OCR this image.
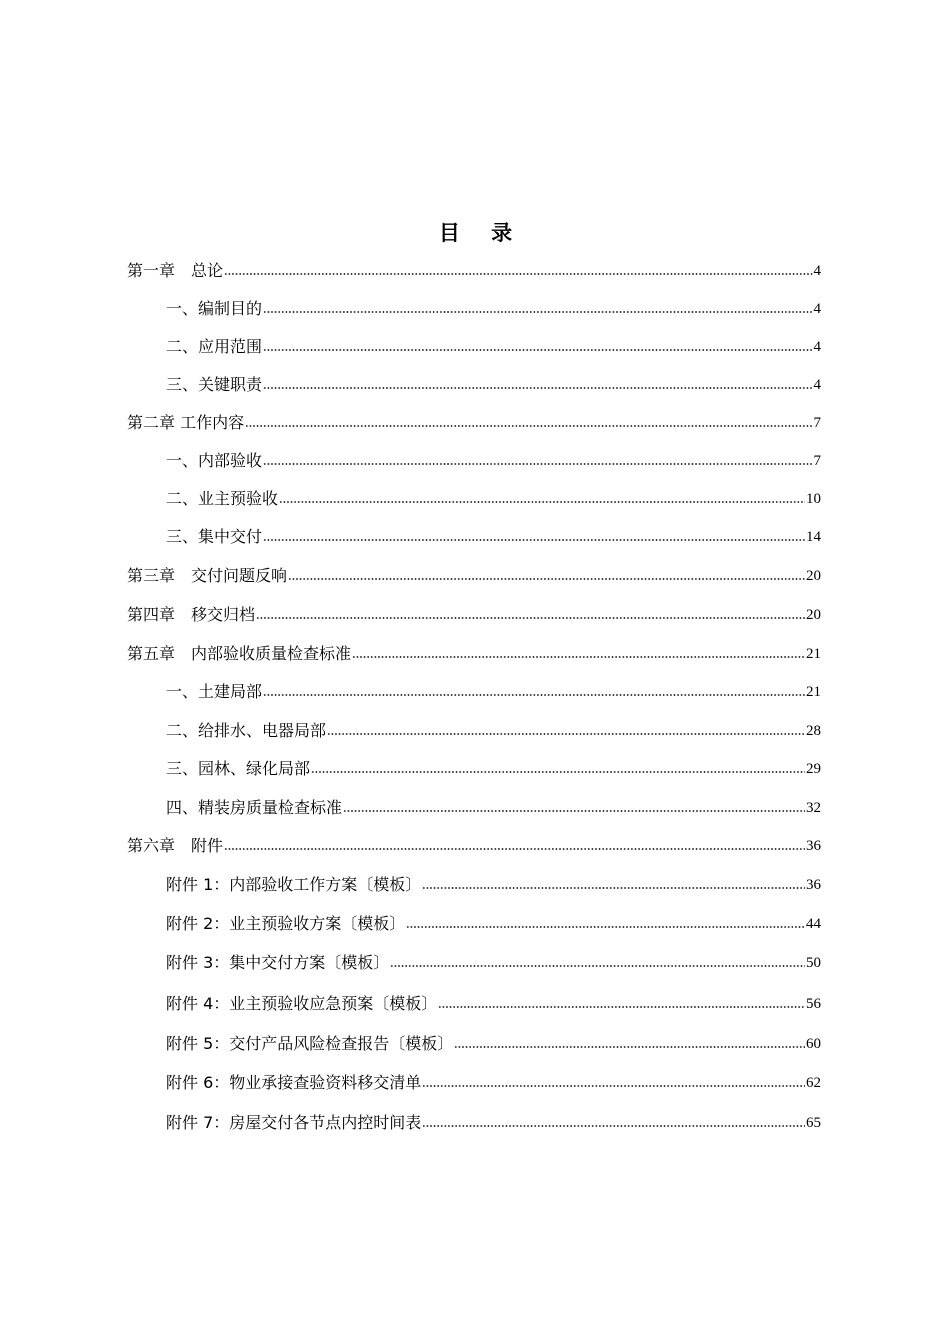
目 录
第一章　总论	4
一、编制目的	4
二、应用范围	4
三、关键职责	4
第二章 工作内容	7
一、内部验收	7
二、业主预验收	10
三、集中交付	14
第三章　交付问题反响	20
第四章　移交归档	20
第五章　内部验收质量检查标准	21
一、土建局部	21
二、给排水、电器局部	28
三、园林、绿化局部	29
四、精装房质量检查标准	32
第六章　附件	36
附件 1：内部验收工作方案〔模板〕	36
附件 2：业主预验收方案〔模板〕	44
附件 3：集中交付方案〔模板〕	50
附件 4：业主预验收应急预案〔模板〕	56
附件 5：交付产品风险检查报告〔模板〕	60
附件 6：物业承接查验资料移交清单	62
附件 7：房屋交付各节点内控时间表	65
